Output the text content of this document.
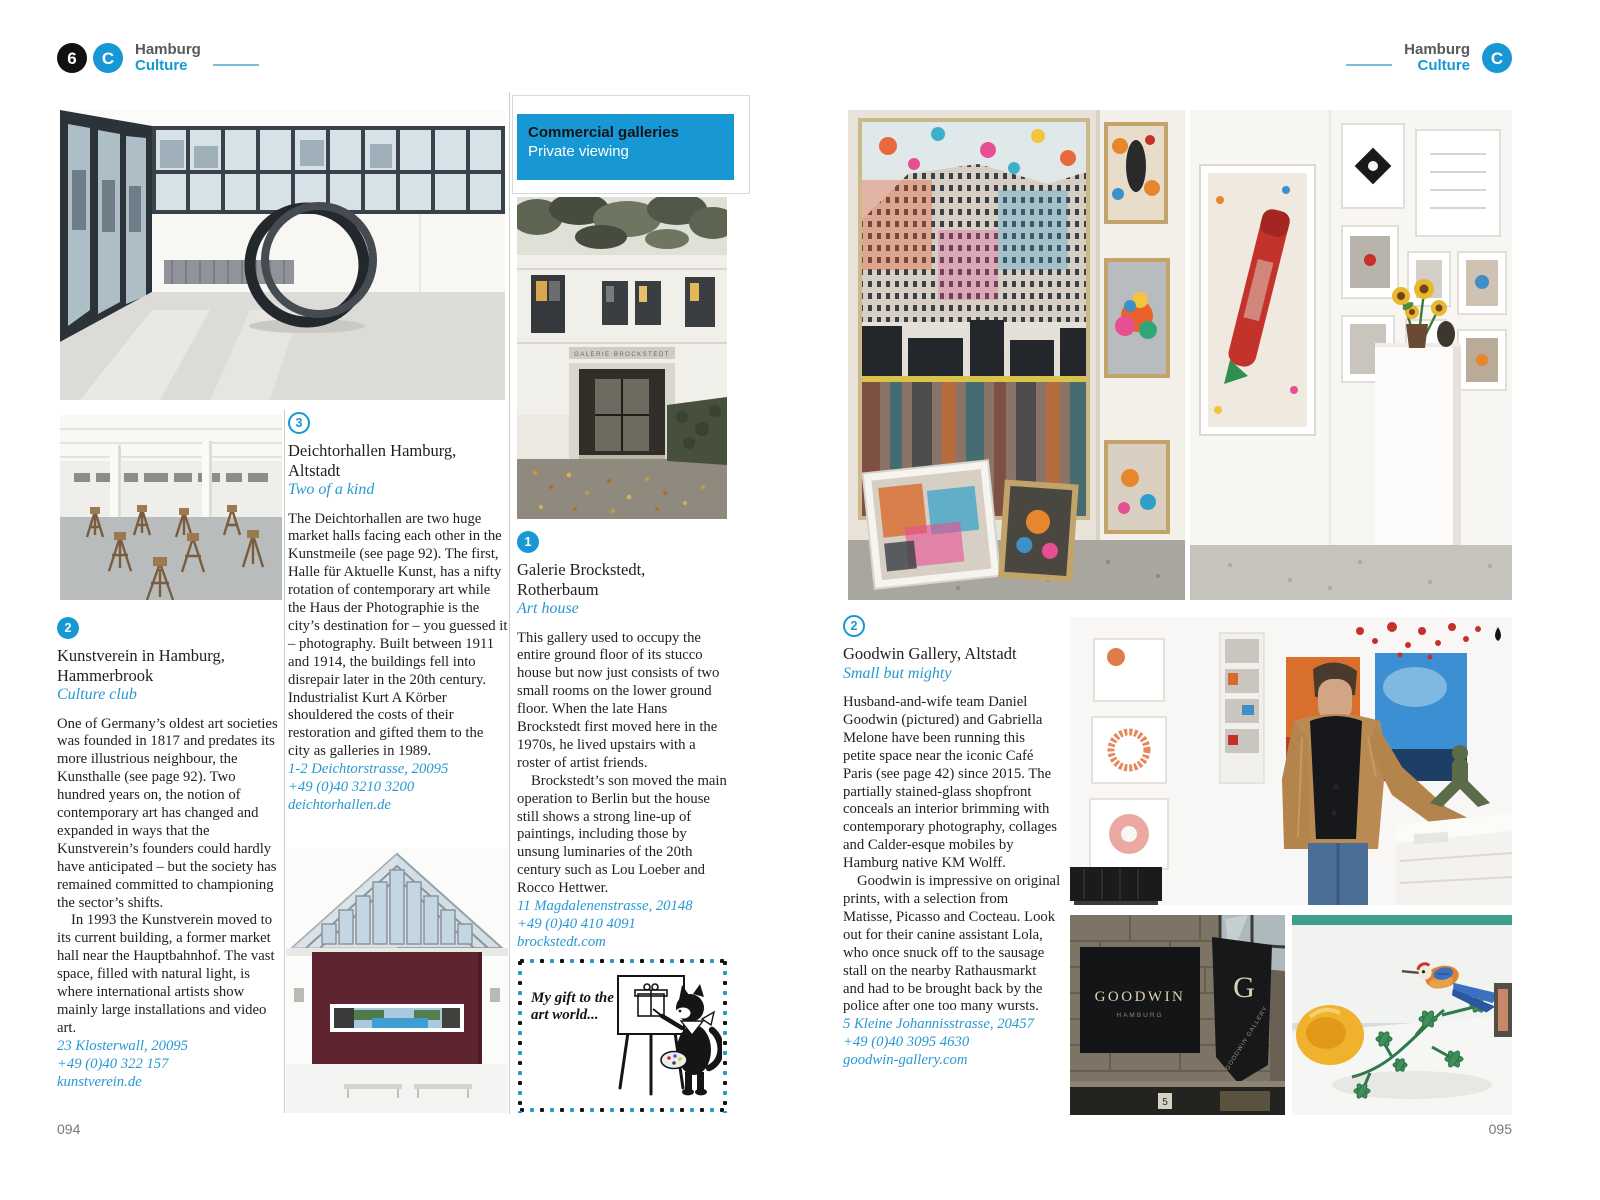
6	C	Hamburg
Culture
Hamburg
Culture	C
2
Kunstverein in Hamburg, Hammerbrook
Culture club

One of Germany’s oldest art societies was founded in 1817 and predates its more illustrious neighbour, the Kunsthalle (see page 92). Two hundred years on, the notion of contemporary art has changed and expanded in ways that the Kunstverein’s founders could hardly have anticipated – but the society has remained committed to championing the sector’s shifts.

In 1993 the Kunstverein moved to its current building, a former market hall near the Hauptbahnhof. The vast space, filled with natural light, is where international artists show mainly large installations and video art.

23 Klosterwall, 20095
+49 (0)40 322 157
kunstverein.de
3
Deichtorhallen Hamburg, Altstadt
Two of a kind

The Deichtorhallen are two huge market halls facing each other in the Kunstmeile (see page 92). The first, Halle für Aktuelle Kunst, has a nifty rotation of contemporary art while the Haus der Photographie is the city’s destination for – you guessed it – photography. Built between 1911 and 1914, the buildings fell into disrepair later in the 20th century. Industrialist Kurt A Körber shouldered the costs of their restoration and gifted them to the city as galleries in 1989.

1-2 Deichtorstrasse, 20095
+49 (0)40 3210 3200
deichtorhallen.de
Commercial galleries
Private viewing
GALERIE BROCKSTEDT
1
Galerie Brockstedt, Rotherbaum
Art house

This gallery used to occupy the entire ground floor of its stucco house but now just consists of two small rooms on the lower ground floor. When the late Hans Brockstedt first moved here in the 1970s, he lived upstairs with a roster of artist friends.

Brockstedt’s son moved the main operation to Berlin but the house still shows a strong line-up of paintings, including those by unsung luminaries of the 20th century such as Lou Loeber and Rocco Hettwer.

11 Magdalenenstrasse, 20148
+49 (0)40 410 4091
brockstedt.com
My gift to the art world...
2
Goodwin Gallery, Altstadt
Small but mighty

Husband-and-wife team Daniel Goodwin (pictured) and Gabriella Melone have been running this petite space near the iconic Café Paris (see page 42) since 2015. The partially stained-glass shopfront conceals an interior brimming with contemporary photography, collages and Calder-esque mobiles by Hamburg native KM Wolff.

Goodwin is impressive on original prints, with a selection from Matisse, Picasso and Cocteau. Look out for their canine assistant Lola, who once snuck off to the sausage stall on the nearby Rathausmarkt and had to be brought back by the police after one too many wursts.

5 Kleine Johannisstrasse, 20457
+49 (0)40 3095 4630
goodwin-gallery.com
GOODWIN
HAMBURG
G
GOODWIN GALLERY
5
094	095
